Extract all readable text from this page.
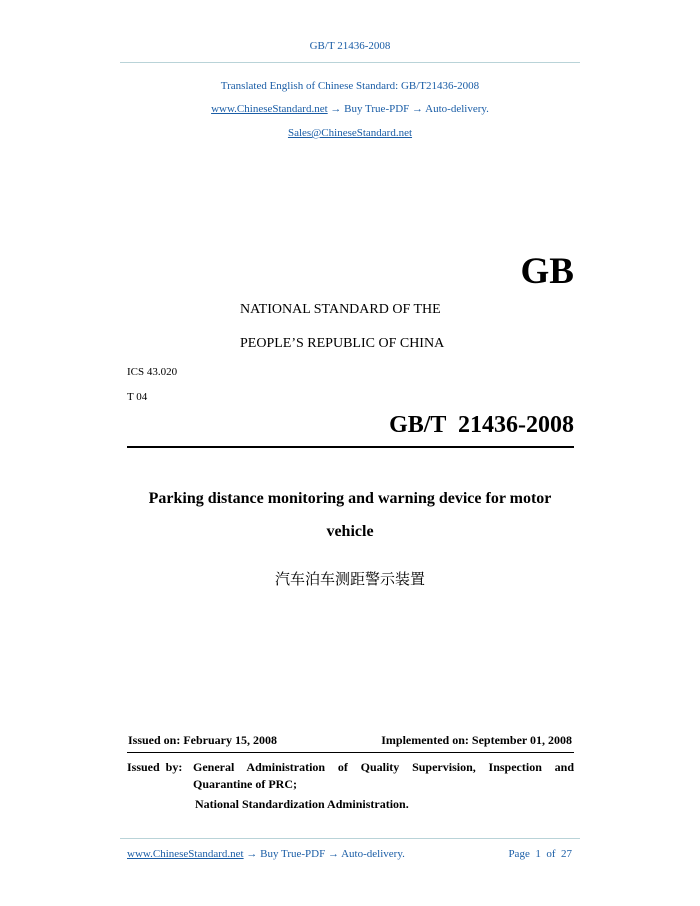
GB/T 21436-2008
Translated English of Chinese Standard: GB/T21436-2008
www.ChineseStandard.net → Buy True-PDF → Auto-delivery.
Sales@ChineseStandard.net
GB
NATIONAL STANDARD OF THE
PEOPLE’S REPUBLIC OF CHINA
ICS 43.020
T 04
GB/T  21436-2008
Parking distance monitoring and warning device for motor
vehicle
汽车泊车测距警示装置
Issued on: February 15, 2008	Implemented on: September 01, 2008
Issued  by: General Administration of Quality Supervision, Inspection and
Quarantine of PRC;
National Standardization Administration.
www.ChineseStandard.net → Buy True-PDF → Auto-delivery.	Page 1 of 27
